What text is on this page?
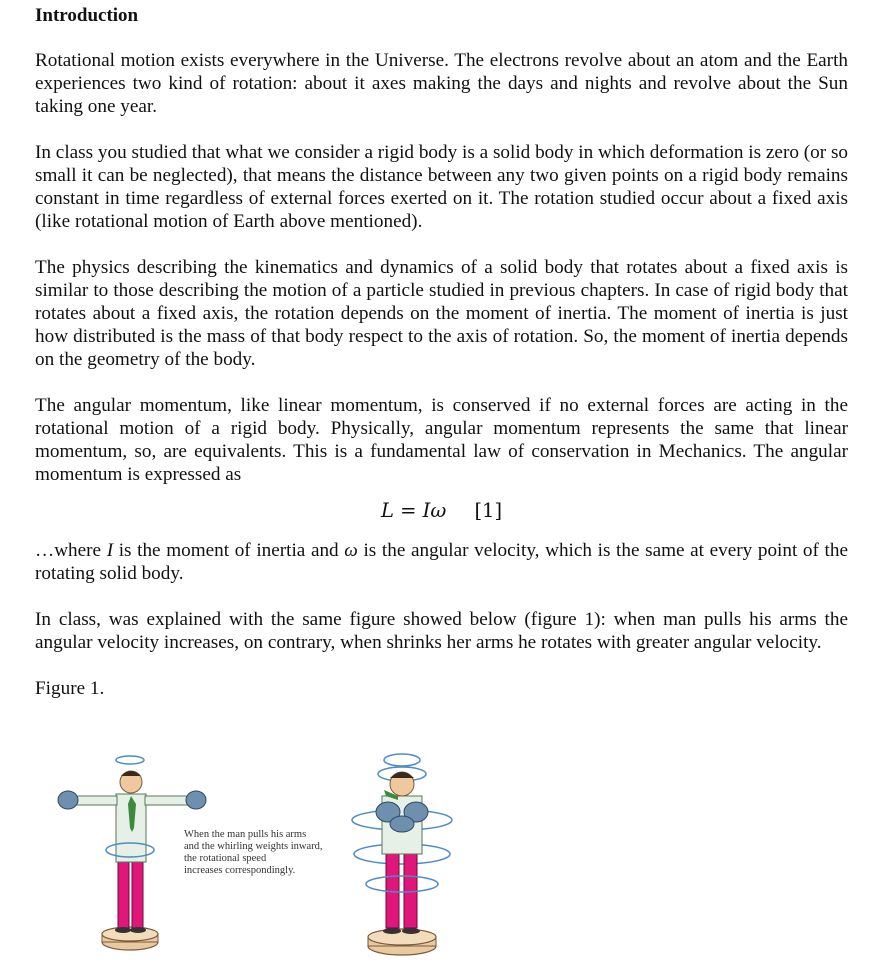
Introduction

Rotational motion exists everywhere in the Universe. The electrons revolve about an atom and the Earth experiences two kind of rotation: about it axes making the days and nights and revolve about the Sun taking one year.

In class you studied that what we consider a rigid body is a solid body in which deformation is zero (or so small it can be neglected), that means the distance between any two given points on a rigid body remains constant in time regardless of external forces exerted on it. The rotation studied occur about a fixed axis (like rotational motion of Earth above mentioned).

The physics describing the kinematics and dynamics of a solid body that rotates about a fixed axis is similar to those describing the motion of a particle studied in previous chapters. In case of rigid body that rotates about a fixed axis, the rotation depends on the moment of inertia. The moment of inertia is just how distributed is the mass of that body respect to the axis of rotation. So, the moment of inertia depends on the geometry of the body.

The angular momentum, like linear momentum, is conserved if no external forces are acting in the rotational motion of a rigid body. Physically, angular momentum represents the same that linear momentum, so, are equivalents. This is a fundamental law of conservation in Mechanics. The angular momentum is expressed as

L = Iω [1]

…where I is the moment of inertia and ω is the angular velocity, which is the same at every point of the rotating solid body.

In class, was explained with the same figure showed below (figure 1): when man pulls his arms the angular velocity increases, on contrary, when shrinks her arms he rotates with greater angular velocity.

Figure 1.

When the man pulls his arms
and the whirling weights inward,
the rotational speed
increases correspondingly.
